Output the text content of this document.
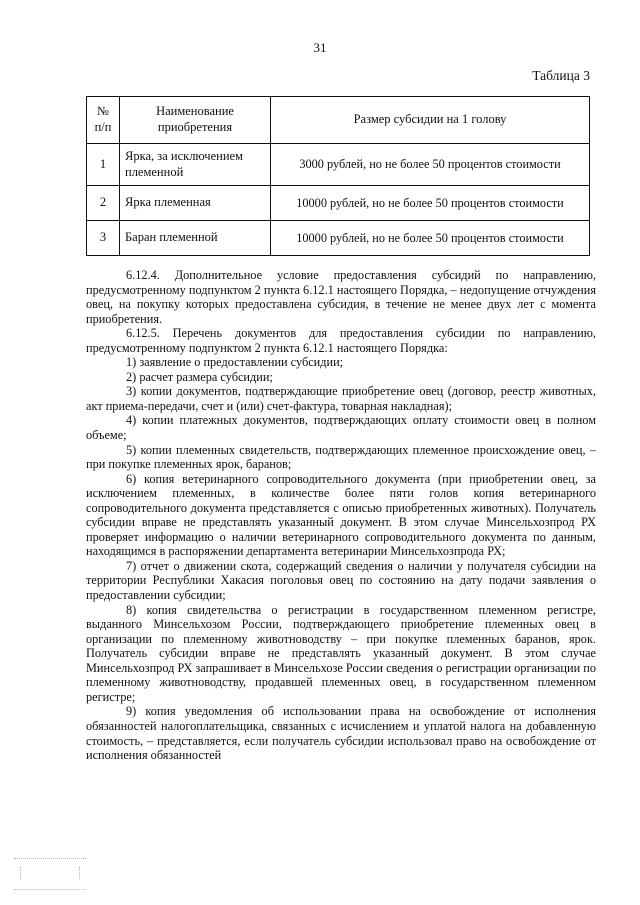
31
Таблица 3
№ п/п	Наименование приобретения	Размер субсидии на 1 голову
1	Ярка, за исключением племенной	3000 рублей, но не более 50 процентов стоимости
2	Ярка племенная	10000 рублей, но не более 50 процентов стоимости
3	Баран племенной	10000 рублей, но не более 50 процентов стоимости

6.12.4. Дополнительное условие предоставления субсидий по направлению, предусмотренному подпунктом 2 пункта 6.12.1 настоящего Порядка, – недопущение отчуждения овец, на покупку которых предоставлена субсидия, в течение не менее двух лет с момента приобретения.

6.12.5. Перечень документов для предоставления субсидии по направлению, предусмотренному подпунктом 2 пункта 6.12.1 настоящего Порядка:

1) заявление о предоставлении субсидии;

2) расчет размера субсидии;

3) копии документов, подтверждающие приобретение овец (договор, реестр животных, акт приема-передачи, счет и (или) счет-фактура, товарная накладная);

4) копии платежных документов, подтверждающих оплату стоимости овец в полном объеме;

5) копии племенных свидетельств, подтверждающих племенное происхождение овец, – при покупке племенных ярок, баранов;

6) копия ветеринарного сопроводительного документа (при приобретении овец, за исключением племенных, в количестве более пяти голов копия ветеринарного сопроводительного документа представляется с описью приобретенных животных). Получатель субсидии вправе не представлять указанный документ. В этом случае Минсельхозпрод РХ проверяет информацию о наличии ветеринарного сопроводительного документа по данным, находящимся в распоряжении департамента ветеринарии Минсельхозпрода РХ;

7) отчет о движении скота, содержащий сведения о наличии у получателя субсидии на территории Республики Хакасия поголовья овец по состоянию на дату подачи заявления о предоставлении субсидии;

8) копия свидетельства о регистрации в государственном племенном регистре, выданного Минсельхозом России, подтверждающего приобретение племенных овец в организации по племенному животноводству – при покупке племенных баранов, ярок. Получатель субсидии вправе не представлять указанный документ. В этом случае Минсельхозпрод РХ запрашивает в Минсельхозе России сведения о регистрации организации по племенному животноводству, продавшей племенных овец, в государственном племенном регистре;

9) копия уведомления об использовании права на освобождение от исполнения обязанностей налогоплательщика, связанных с исчислением и уплатой налога на добавленную стоимость, – представляется, если получатель субсидии использовал право на освобождение от исполнения обязанностей
